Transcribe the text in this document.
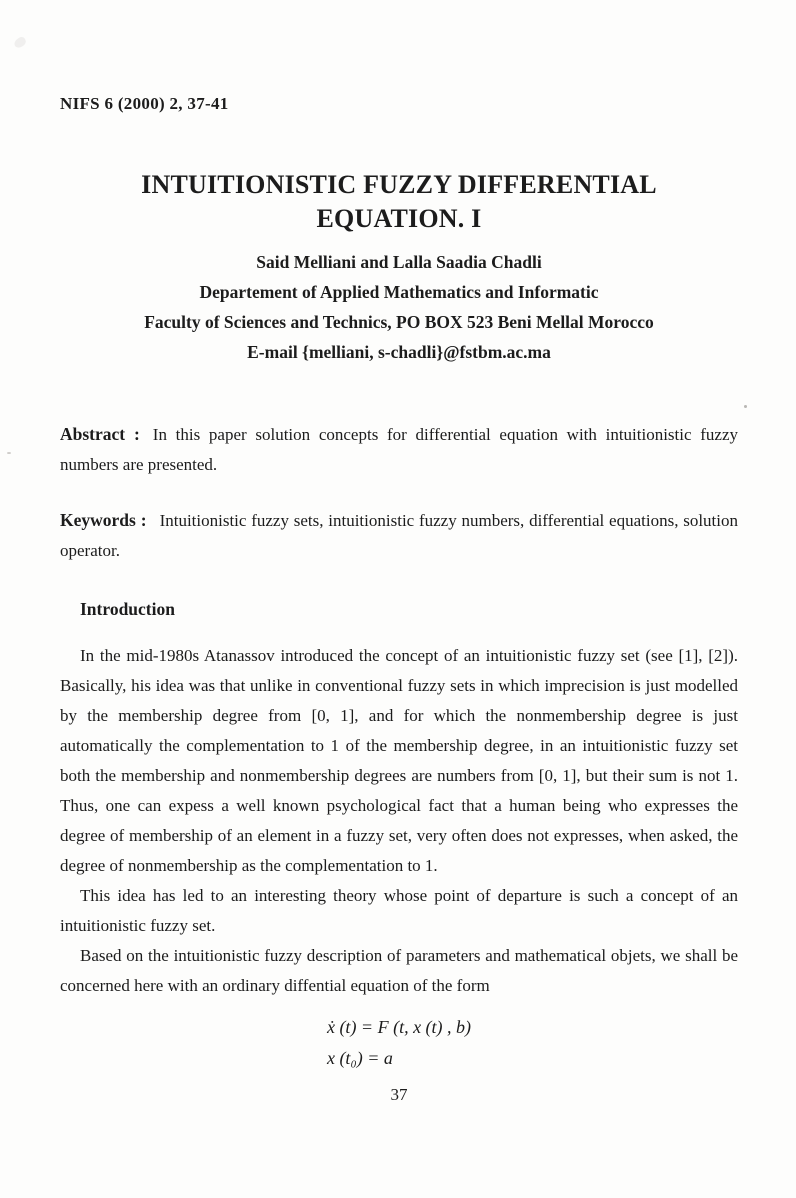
NIFS 6 (2000) 2, 37-41
INTUITIONISTIC FUZZY DIFFERENTIAL
EQUATION. I
Said Melliani and Lalla Saadia Chadli
Departement of Applied Mathematics and Informatic
Faculty of Sciences and Technics, PO BOX 523 Beni Mellal Morocco
E-mail {melliani, s-chadli}@fstbm.ac.ma
Abstract : In this paper solution concepts for differential equation with intuitionistic fuzzy numbers are presented.
Keywords : Intuitionistic fuzzy sets, intuitionistic fuzzy numbers, differential equations, solution operator.
Introduction

In the mid-1980s Atanassov introduced the concept of an intuitionistic fuzzy set (see [1], [2]). Basically, his idea was that unlike in conventional fuzzy sets in which imprecision is just modelled by the membership degree from [0, 1], and for which the nonmembership degree is just automatically the complementation to 1 of the membership degree, in an intuitionistic fuzzy set both the membership and nonmembership degrees are numbers from [0, 1], but their sum is not 1. Thus, one can expess a well known psychological fact that a human being who expresses the degree of membership of an element in a fuzzy set, very often does not expresses, when asked, the degree of nonmembership as the complementation to 1.

This idea has led to an interesting theory whose point of departure is such a concept of an intuitionistic fuzzy set.

Based on the intuitionistic fuzzy description of parameters and mathematical objets, we shall be concerned here with an ordinary diffential equation of the form

ẋ (t) = F (t, x (t) , b)
x (t₀) = a
37
